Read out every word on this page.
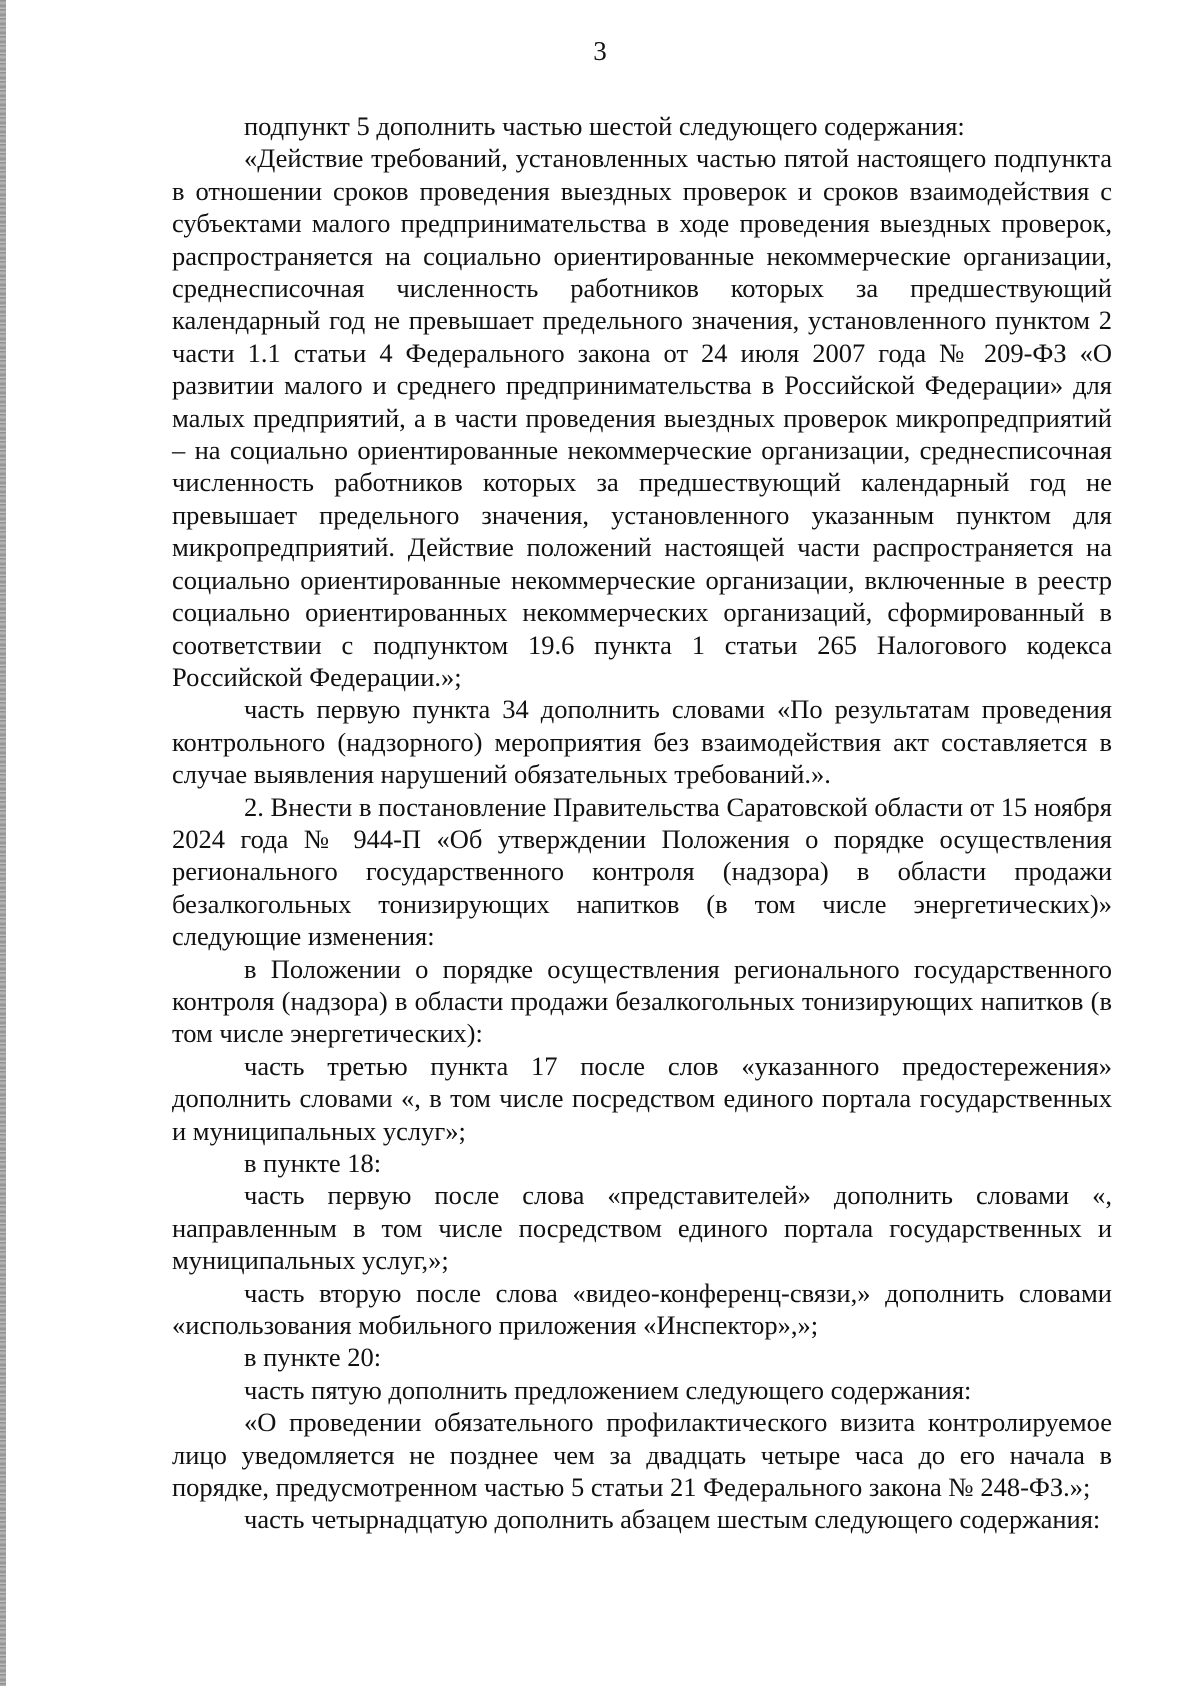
3

подпункт 5 дополнить частью шестой следующего содержания:

«Действие требований, установленных частью пятой настоящего подпункта в отношении сроков проведения выездных проверок и сроков взаимодействия с субъектами малого предпринимательства в ходе проведения выездных проверок, распространяется на социально ориентированные некоммерческие организации, среднесписочная численность работников которых за предшествующий календарный год не превышает предельного значения, установленного пунктом 2 части 1.1 статьи 4 Федерального закона от 24 июля 2007 года № 209-ФЗ «О развитии малого и среднего предпринимательства в Российской Федерации» для малых предприятий, а в части проведения выездных проверок микропредприятий – на социально ориентированные некоммерческие организации, среднесписочная численность работников которых за предшествующий календарный год не превышает предельного значения, установленного указанным пунктом для микропредприятий. Действие положений настоящей части распространяется на социально ориентированные некоммерческие организации, включенные в реестр социально ориентированных некоммерческих организаций, сформированный в соответствии с подпунктом 19.6 пункта 1 статьи 265 Налогового кодекса Российской Федерации.»;

часть первую пункта 34 дополнить словами «По результатам проведения контрольного (надзорного) мероприятия без взаимодействия акт составляется в случае выявления нарушений обязательных требований.».

2. Внести в постановление Правительства Саратовской области от 15 ноября 2024 года № 944-П «Об утверждении Положения о порядке осуществления регионального государственного контроля (надзора) в области продажи безалкогольных тонизирующих напитков (в том числе энергетических)» следующие изменения:

в Положении о порядке осуществления регионального государственного контроля (надзора) в области продажи безалкогольных тонизирующих напитков (в том числе энергетических):

часть третью пункта 17 после слов «указанного предостережения» дополнить словами «, в том числе посредством единого портала государственных и муниципальных услуг»;

в пункте 18:

часть первую после слова «представителей» дополнить словами «, направленным в том числе посредством единого портала государственных и муниципальных услуг,»;

часть вторую после слова «видео-конференц-связи,» дополнить словами «использования мобильного приложения «Инспектор»,»;

в пункте 20:

часть пятую дополнить предложением следующего содержания:

«О проведении обязательного профилактического визита контролируемое лицо уведомляется не позднее чем за двадцать четыре часа до его начала в порядке, предусмотренном частью 5 статьи 21 Федерального закона № 248-ФЗ.»;

часть четырнадцатую дополнить абзацем шестым следующего содержания:
